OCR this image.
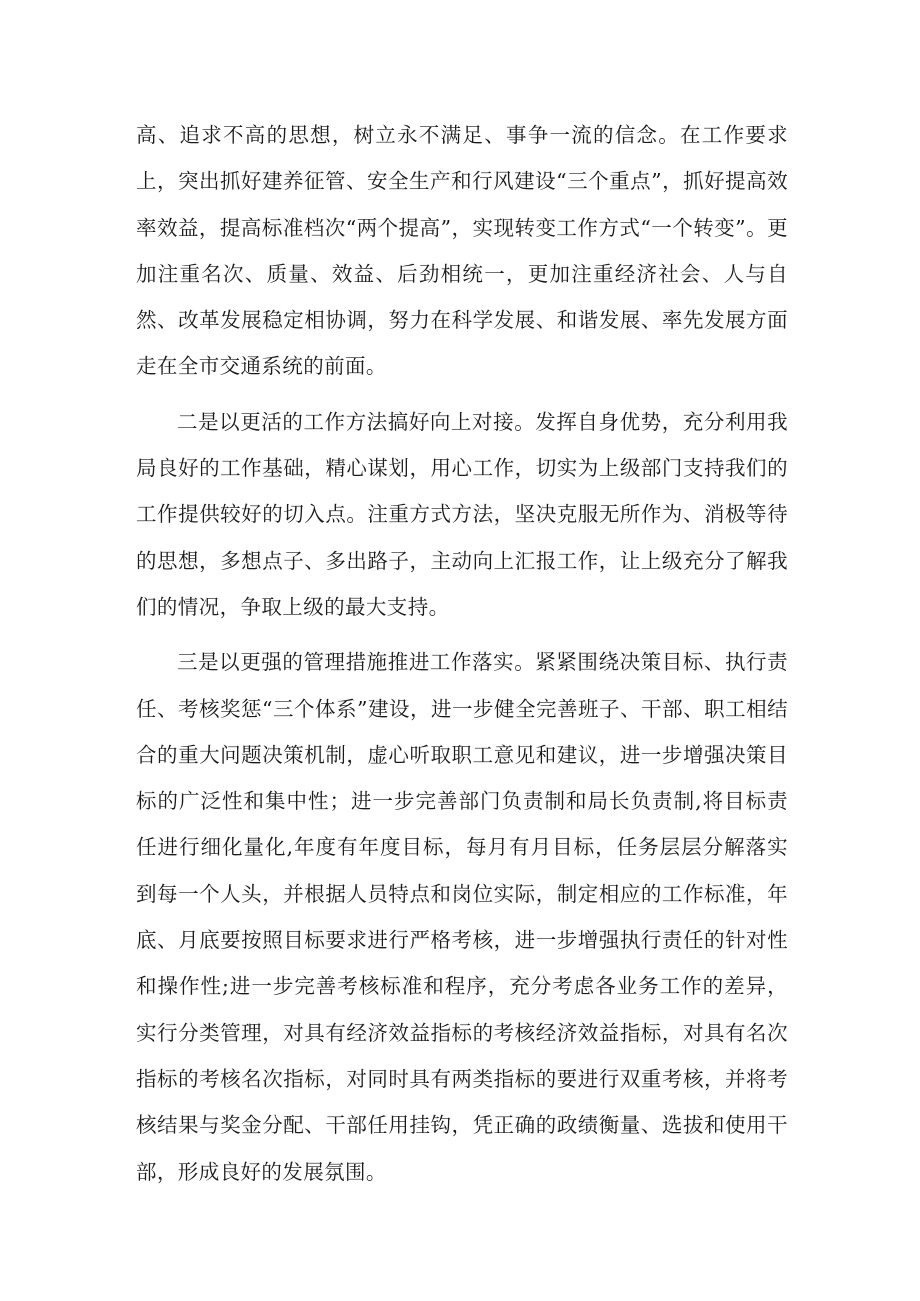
高、追求不高的思想，树立永不满足、事争一流的信念。在工作要求上，突出抓好建养征管、安全生产和行风建设“三个重点”，抓好提高效率效益，提高标准档次“两个提高”，实现转变工作方式“一个转变”。更加注重名次、质量、效益、后劲相统一，更加注重经济社会、人与自然、改革发展稳定相协调，努力在科学发展、和谐发展、率先发展方面走在全市交通系统的前面。

二是以更活的工作方法搞好向上对接。发挥自身优势，充分利用我局良好的工作基础，精心谋划，用心工作，切实为上级部门支持我们的工作提供较好的切入点。注重方式方法，坚决克服无所作为、消极等待的思想，多想点子、多出路子，主动向上汇报工作，让上级充分了解我们的情况，争取上级的最大支持。

三是以更强的管理措施推进工作落实。紧紧围绕决策目标、执行责任、考核奖惩“三个体系”建设，进一步健全完善班子、干部、职工相结合的重大问题决策机制，虚心听取职工意见和建议，进一步增强决策目标的广泛性和集中性；进一步完善部门负责制和局长负责制,将目标责任进行细化量化,年度有年度目标，每月有月目标，任务层层分解落实到每一个人头，并根据人员特点和岗位实际，制定相应的工作标准，年底、月底要按照目标要求进行严格考核，进一步增强执行责任的针对性和操作性;进一步完善考核标准和程序，充分考虑各业务工作的差异，实行分类管理，对具有经济效益指标的考核经济效益指标，对具有名次指标的考核名次指标，对同时具有两类指标的要进行双重考核，并将考核结果与奖金分配、干部任用挂钩，凭正确的政绩衡量、选拔和使用干部，形成良好的发展氛围。
